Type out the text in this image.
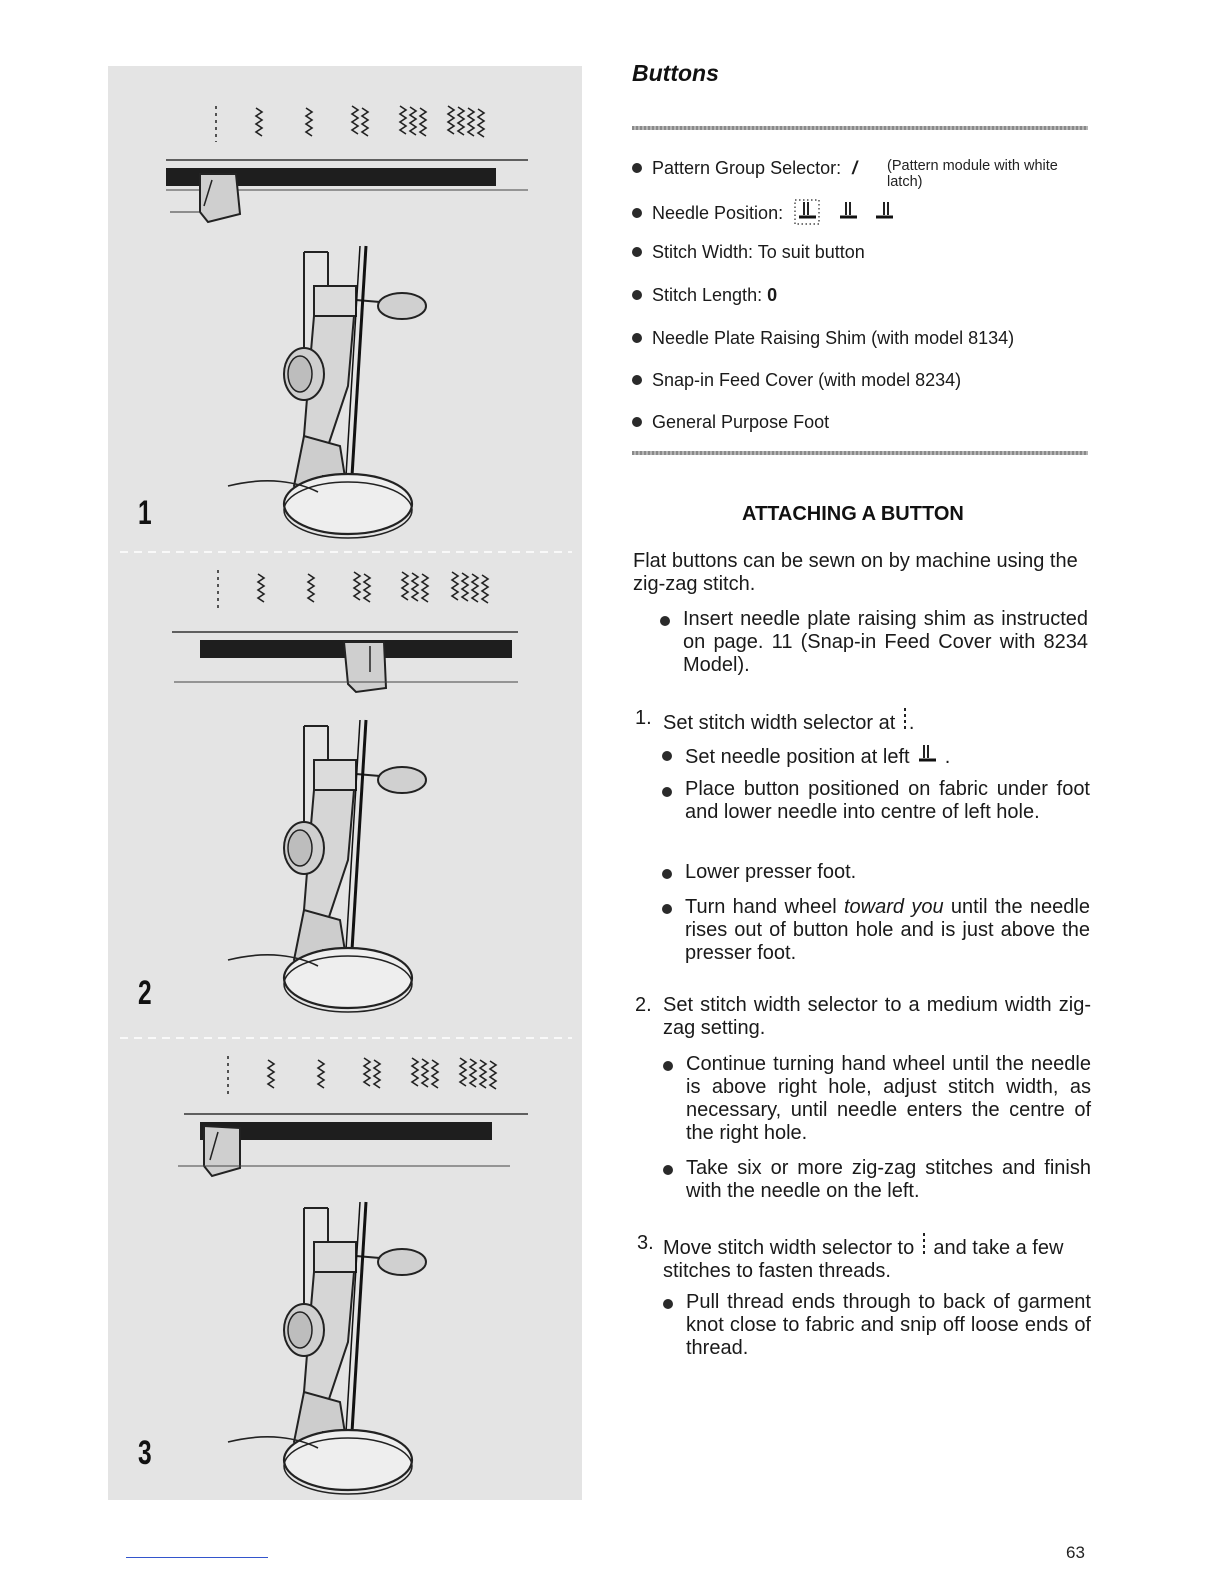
1
2
3
Buttons
Pattern Group Selector: / (Pattern module with white latch)
Needle Position:
Stitch Width: To suit button
Stitch Length: 0
Needle Plate Raising Shim (with model 8134)
Snap-in Feed Cover (with model 8234)
General Purpose Foot
ATTACHING A BUTTON
Flat buttons can be sewn on by machine using the zig-zag stitch.
Insert needle plate raising shim as instructed on page. 11 (Snap-in Feed Cover with 8234 Model).
1. Set stitch width selector at .
Set needle position at left  .
Place button positioned on fabric under foot and lower needle into centre of left hole.
Lower presser foot.
Turn hand wheel toward you until the needle rises out of button hole and is just above the presser foot.
2. Set stitch width selector to a medium width zig-zag setting.
Continue turning hand wheel until the needle is above right hole, adjust stitch width, as necessary, until needle enters the centre of the right hole.
Take six or more zig-zag stitches and finish with the needle on the left.
3. Move stitch width selector to and take a few stitches to fasten threads.
Pull thread ends through to back of garment knot close to fabric and snip off loose ends of thread.
63
